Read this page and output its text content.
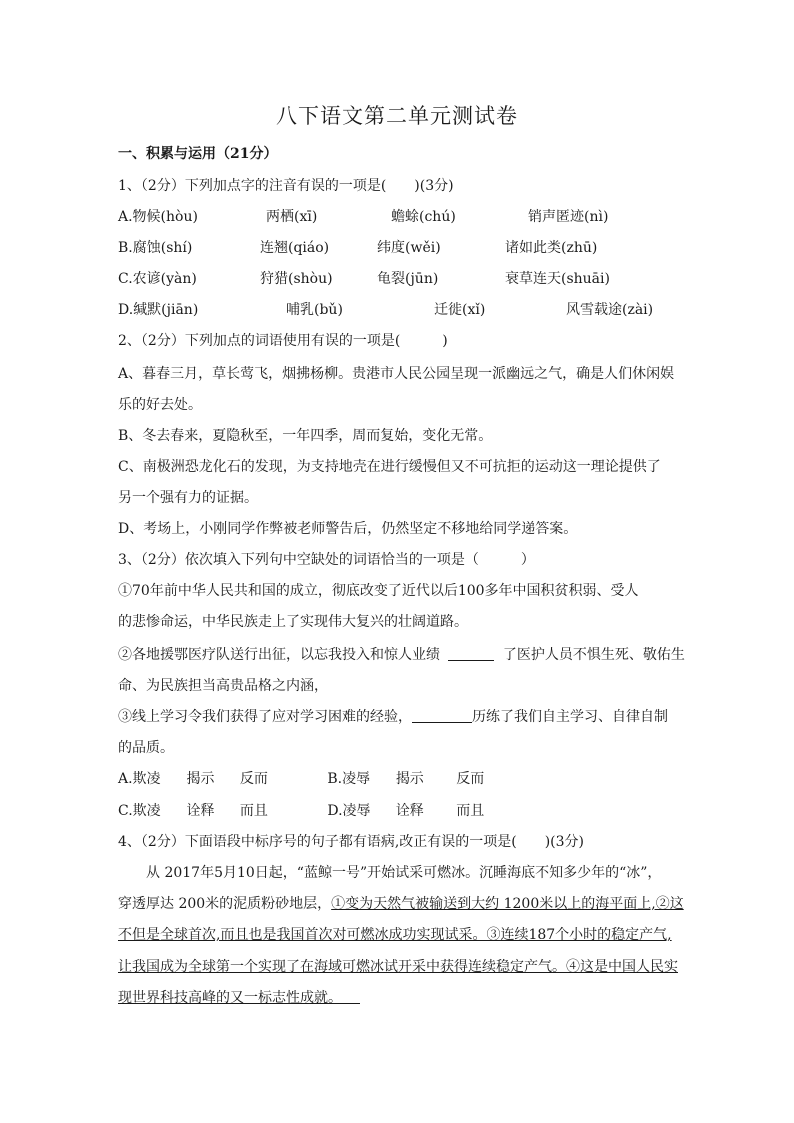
八下语文第二单元测试卷
一、积累与运用（21分）
1、（2分）下列加点字的注音有误的一项是(　　)(3分)
A.物候(hòu)	两栖(xī)	蟾蜍(chú)	销声匿迹(nì)
B.腐蚀(shí)	连翘(qiáo)	纬度(wěi)	诸如此类(zhū)
C.农谚(yàn)	狩猎(shòu)	龟裂(jūn)	衰草连天(shuāi)
D.缄默(jiān)	哺乳(bǔ)	迁徙(xǐ)	风雪载途(zài)
2、（2分）下列加点的词语使用有误的一项是(　　　)
A、暮春三月，草长莺飞，烟拂杨柳。贵港市人民公园呈现一派幽远之气，确是人们休闲娱
乐的好去处。
B、冬去春来，夏隐秋至，一年四季，周而复始，变化无常。
C、南极洲恐龙化石的发现，为支持地壳在进行缓慢但又不可抗拒的运动这一理论提供了
另一个强有力的证据。
D、考场上，小刚同学作弊被老师警告后，仍然坚定不移地给同学递答案。
3、（2分）依次填入下列句中空缺处的词语恰当的一项是（　　　）
①70年前中华人民共和国的成立，彻底改变了近代以后100多年中国积贫积弱、受人
的悲惨命运，中华民族走上了实现伟大复兴的壮阔道路。
②各地援鄂医疗队送行出征，以忘我投入和惊人业绩	了医护人员不惧生死、敬佑生
命、为民族担当高贵品格之内涵，
③线上学习令我们获得了应对学习困难的经验，	历练了我们自主学习、自律自制
的品质。
A.欺凌 揭示 反而	B.凌辱 揭示 反而
C.欺凌 诠释 而且	D.凌辱 诠释 而且
4、（2分）下面语段中标序号的句子都有语病,改正有误的一项是(　　)(3分)
从 2017年5月10日起，“蓝鲸一号”开始试采可燃冰。沉睡海底不知多少年的“冰”，
穿透厚达 200米的泥质粉砂地层，①变为天然气被输送到大约 1200米以上的海平面上,②这
不但是全球首次,而且也是我国首次对可燃冰成功实现试采。③连续187个小时的稳定产气,
让我国成为全球第一个实现了在海域可燃冰试开采中获得连续稳定产气。④这是中国人民实
现世界科技高峰的又一标志性成就。
